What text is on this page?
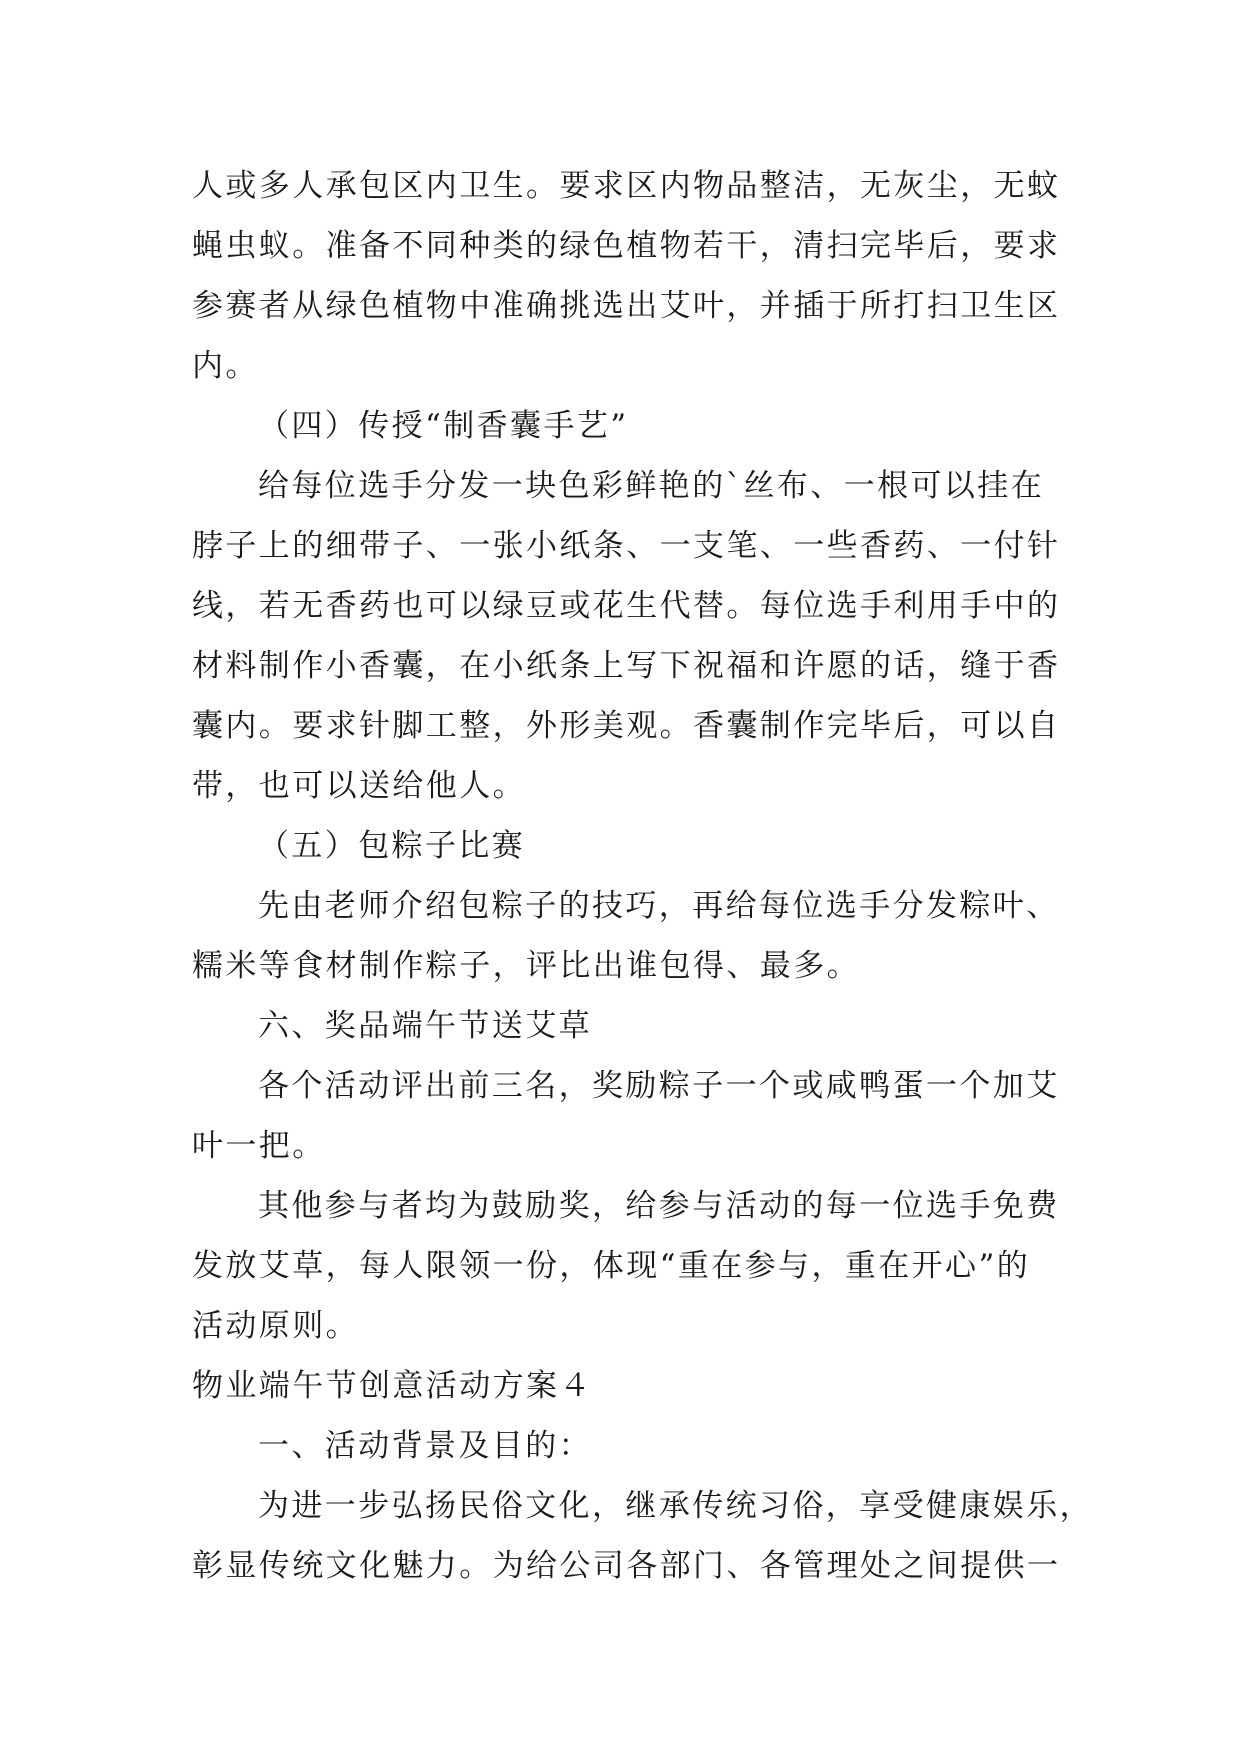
人或多人承包区内卫生。要求区内物品整洁，无灰尘，无蚊
蝇虫蚁。准备不同种类的绿色植物若干，清扫完毕后，要求
参赛者从绿色植物中准确挑选出艾叶，并插于所打扫卫生区
内。
（四）传授“制香囊手艺”
给每位选手分发一块色彩鲜艳的`丝布、一根可以挂在
脖子上的细带子、一张小纸条、一支笔、一些香药、一付针
线，若无香药也可以绿豆或花生代替。每位选手利用手中的
材料制作小香囊，在小纸条上写下祝福和许愿的话，缝于香
囊内。要求针脚工整，外形美观。香囊制作完毕后，可以自
带，也可以送给他人。
（五）包粽子比赛
先由老师介绍包粽子的技巧，再给每位选手分发粽叶、
糯米等食材制作粽子，评比出谁包得、最多。
六、奖品端午节送艾草
各个活动评出前三名，奖励粽子一个或咸鸭蛋一个加艾
叶一把。
其他参与者均为鼓励奖，给参与活动的每一位选手免费
发放艾草，每人限领一份，体现“重在参与，重在开心”的
活动原则。
物业端午节创意活动方案４
一、活动背景及目的：
为进一步弘扬民俗文化，继承传统习俗，享受健康娱乐，
彰显传统文化魅力。为给公司各部门、各管理处之间提供一
